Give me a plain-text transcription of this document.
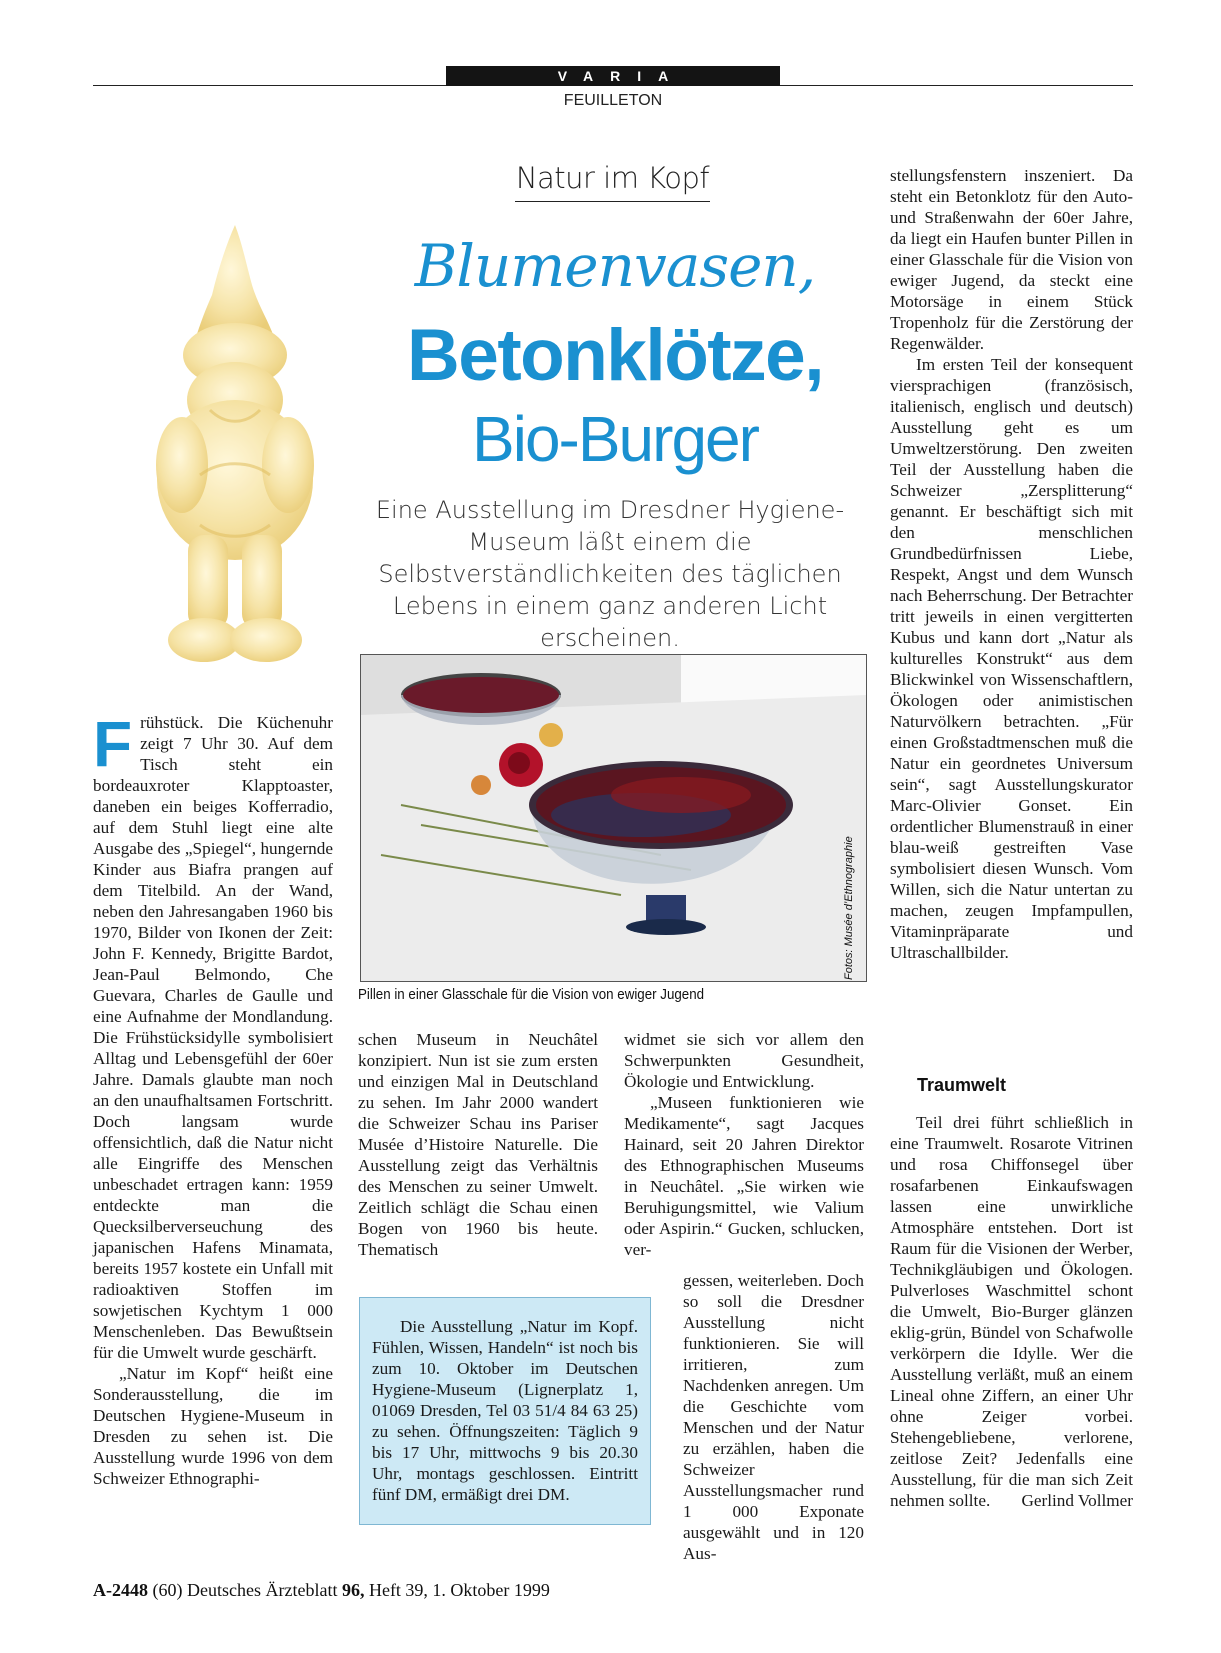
VARIA
FEUILLETON
Natur im Kopf
Blumenvasen,
Betonklötze,
Bio-Burger
Eine Ausstellung im Dresdner Hygiene-Museum läßt einem die Selbstverständlichkeiten des täglichen Lebens in einem ganz anderen Licht erscheinen.
Fotos: Musée d’Ethnographie
Pillen in einer Glasschale für die Vision von ewiger Jugend
F rühstück. Die Küchenuhr zeigt 7 Uhr 30. Auf dem Tisch steht ein bordeauxroter Klapptoaster, daneben ein beiges Kofferradio, auf dem Stuhl liegt eine alte Ausgabe des „Spiegel“, hungernde Kinder aus Biafra prangen auf dem Titelbild. An der Wand, neben den Jahresangaben 1960 bis 1970, Bilder von Ikonen der Zeit: John F. Kennedy, Brigitte Bardot, Jean-Paul Belmondo, Che Guevara, Charles de Gaulle und eine Aufnahme der Mondlandung. Die Frühstücksidylle symbolisiert Alltag und Lebensgefühl der 60er Jahre. Damals glaubte man noch an den unaufhaltsamen Fortschritt. Doch langsam wurde offensichtlich, daß die Natur nicht alle Eingriffe des Menschen unbeschadet ertragen kann: 1959 entdeckte man die Quecksilberverseuchung des japanischen Hafens Minamata, bereits 1957 kostete ein Unfall mit radioaktiven Stoffen im sowjetischen Kychtym 1 000 Menschenleben. Das Bewußtsein für die Umwelt wurde geschärft.

„Natur im Kopf“ heißt eine Sonderausstellung, die im Deutschen Hygiene-Museum in Dresden zu sehen ist. Die Ausstellung wurde 1996 von dem Schweizer Ethnographi-

schen Museum in Neuchâtel konzipiert. Nun ist sie zum ersten und einzigen Mal in Deutschland zu sehen. Im Jahr 2000 wandert die Schweizer Schau ins Pariser Musée d’Histoire Naturelle. Die Ausstellung zeigt das Verhältnis des Menschen zu seiner Umwelt. Zeitlich schlägt die Schau einen Bogen von 1960 bis heute. Thematisch

Die Ausstellung „Natur im Kopf. Fühlen, Wissen, Handeln“ ist noch bis zum 10. Oktober im Deutschen Hygiene-Museum (Lignerplatz 1, 01069 Dresden, Tel 03 51/4 84 63 25) zu sehen. Öffnungszeiten: Täglich 9 bis 17 Uhr, mittwochs 9 bis 20.30 Uhr, montags geschlossen. Eintritt fünf DM, ermäßigt drei DM.

widmet sie sich vor allem den Schwerpunkten Gesundheit, Ökologie und Entwicklung.

„Museen funktionieren wie Medikamente“, sagt Jacques Hainard, seit 20 Jahren Direktor des Ethnographischen Museums in Neuchâtel. „Sie wirken wie Beruhigungsmittel, wie Valium oder Aspirin.“ Gucken, schlucken, ver-

gessen, weiterleben. Doch so soll die Dresdner Ausstellung nicht funktionieren. Sie will irritieren, zum Nachdenken anregen. Um die Geschichte vom Menschen und der Natur zu erzählen, haben die Schweizer Ausstellungsmacher rund 1 000 Exponate ausgewählt und in 120 Aus-

stellungsfenstern inszeniert. Da steht ein Betonklotz für den Auto- und Straßenwahn der 60er Jahre, da liegt ein Haufen bunter Pillen in einer Glasschale für die Vision von ewiger Jugend, da steckt eine Motorsäge in einem Stück Tropenholz für die Zerstörung der Regenwälder.

Im ersten Teil der konsequent viersprachigen (französisch, italienisch, englisch und deutsch) Ausstellung geht es um Umweltzerstörung. Den zweiten Teil der Ausstellung haben die Schweizer „Zersplitterung“ genannt. Er beschäftigt sich mit den menschlichen Grundbedürfnissen Liebe, Respekt, Angst und dem Wunsch nach Beherrschung. Der Betrachter tritt jeweils in einen vergitterten Kubus und kann dort „Natur als kulturelles Konstrukt“ aus dem Blickwinkel von Wissenschaftlern, Ökologen oder animistischen Naturvölkern betrachten. „Für einen Großstadtmenschen muß die Natur ein geordnetes Universum sein“, sagt Ausstellungskurator Marc-Olivier Gonset. Ein ordentlicher Blumenstrauß in einer blau-weiß gestreiften Vase symbolisiert diesen Wunsch. Vom Willen, sich die Natur untertan zu machen, zeugen Impfampullen, Vitaminpräparate und Ultraschallbilder.

Traumwelt

Teil drei führt schließlich in eine Traumwelt. Rosarote Vitrinen und rosa Chiffonsegel über rosafarbenen Einkaufswagen lassen eine unwirkliche Atmosphäre entstehen. Dort ist Raum für die Visionen der Werber, Technikgläubigen und Ökologen. Pulverloses Waschmittel schont die Umwelt, Bio-Burger glänzen eklig-grün, Bündel von Schafwolle verkörpern die Idylle. Wer die Ausstellung verläßt, muß an einem Lineal ohne Ziffern, an einer Uhr ohne Zeiger vorbei. Stehengebliebene, verlorene, zeitlose Zeit? Jedenfalls eine Ausstellung, für die man sich Zeit nehmen sollte.	Gerlind Vollmer

A-2448 (60) Deutsches Ärzteblatt 96, Heft 39, 1. Oktober 1999
